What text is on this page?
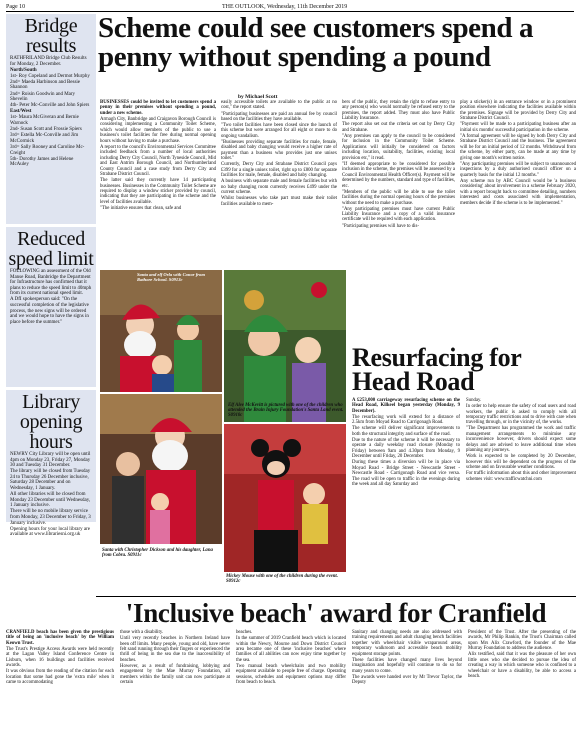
Page 10	THE OUTLOOK, Wednesday, 11th December 2019
Bridge results

RATHFRILAND Bridge Club Results for Monday, 2 December.

North/South

1st- Roy Copeland and Dermot Murphy

2nd= Maeda Harbinson and Bessie Shannon

2nd= Roisin Goodwin and Mary Shevelin

4th- Peter Mc-Conville and John Spiers

East/West

1st- Maura McGiveran and Bernie Warnock

2nd- Susan Scott and Frossie Spiers

3rd= Estella Mc-Conville and Jim McCormick

3rd= Sally Rooney and Caroline Mc-Creight

5th- Dorothy James and Helene McAuley

Reduced speed limit

FOLLOWING an assessment of the Old Manse Road, Banbridge the Department for Infrastructure has confirmed that it plans to reduce the speed limit to 40mph from its current national speed limit.

A DfI spokesperson said: "On the successful completion of the legislative process, the new signs will be ordered and we would hope to have the signs in place before the summer."

Library opening hours

NEWRY City Library will be open until 4pm on Monday 23, Friday 27, Monday 30 and Tuesday 31 December.

The library will be closed from Tuesday 24 to Thursday 26 December inclusive, Saturday 28 December and on Wednesday, 1 January.

All other libraries will be closed from Monday 23 December until Wednesday, 1 January inclusive.

There will be no mobile library service from Monday, 23 December to Friday, 3 January inclusive.

Opening hours for your local library are available at www.librariesni.org.uk

Scheme could see customers spend a penny without spending a pound
by Michael Scott

BUSINESSES could be invited to let customers spend a penny in their premises without spending a pound, under a new scheme.

Armagh City, Banbridge and Craigavon Borough Council is considering implementing a Community Toilet Scheme, which would allow members of the public to use a business's toilet facilities for free during normal opening hours without having to make a purchase.

A report to the council's Environmental Services Committee included feedback from a number of local authorities including Derry City Council, North Tyneside Council, Mid and East Antrim Borough Council, and Northumberland County Council and a case study from Derry City and Strabane District Council.

The latter said they currently have 14 participating businesses. Businesses in the Community Toilet Scheme are required to display a window sticker provided by council, indicating that they are participating in the scheme and the level of facilities available.

"The initiative ensures that clean, safe and

easily accessible toilets are available to the public at no cost," the report stated.

"Participating businesses are paid an annual fee by council based on the facilities they have available.

"Two toilet facilities have been closed since the launch of this scheme but were arranged for all eight or more to do ongoing vandalism.

"Businesses providing separate facilities for male, female, disabled and baby changing would receive a higher rate of payment than a business who provides just one unisex toilet."

Currently, Derry City and Strabane District Council pays £399 for a single unisex toilet, right up to £800 for separate facilities for male, female, disabled and baby changing.

A business with separate male and female facilities but with no baby changing room currently receives £499 under the current scheme.

Whilst businesses who take part must make their toilet facilities available to mem-

bers of the public, they retain the right to refuse entry to any person(s) who would normally be refused entry to the premises, the report added. They must also have Public Liability Insurance.

The report also set out the criteria set out by Derry City and Strabane.

"Any premises can apply to the council to be considered for inclusion in the Community Toilet Scheme. Applications will initially be considered on factors including location, suitability, facilities, existing local provision etc," it read.

"If deemed appropriate to be considered for possible inclusion in the scheme, the premises will be assessed by a Council Environmental Health Officer(s). Payment will be determined by the numbers, standard and type of facilities, etc.

"Members of the public will be able to use the toilet facilities during the normal opening hours of the premises without the need to make a purchase.

"Any participating premises must have current Public Liability Insurance and a copy of a valid insurance certificate will be required with each application.

"Participating premises will have to dis-

play a sticker(s) in an entrance window or in a prominent position elsewhere indicating the facilities available within the premises. Signage will be provided by Derry City and Strabane District Council.

"Payment will be made to a participating business after an initial six months' successful participation in the scheme.

"A formal agreement will be signed by both Derry City and Strabane District Council and the business. The agreement will be for an initial period of 12 months. Withdrawal from the scheme, by either party, can be made at any time by giving one month's written notice.

"Any participating premises will be subject to unannounced inspections by a duly authorised council officer on a quarterly basis for the initial 12 months."

Any scheme run by ABC Council would be 'a business considering' about involvement in a scheme February 2020, with a report brought back to committee detailing, numbers interested and costs associated with implementation, members decide if the scheme is to be implemented."

Santa and elf Orla with Conor from Rathore School. S0913c
Elf Alee McKevitt is pictured with one of the children who attended the Brain Injury Foundation's Santa Land event. S0910c
Santa with Christopher Dickson and his daughter, Lana from Cobra. S0911c
Mickey Mouse with one of the children during the event. S0912c
Resurfacing for Head Road

A £253,000 carriageway resurfacing scheme on the Head Road, Kilkeel began yesterday (Monday, 9 December).

The resurfacing work will extend for a distance of 2.5km from Moyad Road to Carrigonagh Road.

The scheme will deliver significant improvements to both the structural integrity and surface of the road.

Due to the nature of the scheme it will be necessary to operate a daily weekday road closure (Monday to Friday) between 9am and 4.30pm from Monday, 9 December until Friday, 20 December.

During these times a diversion will be in place via Moyad Road - Bridge Street - Newcastle Street - Newcastle Road - Carrigonagh Road and vice versa. The road will be open to traffic in the evenings during the week and all day Saturday and

Sunday.

In order to help ensure the safety of road users and road workers, the public is asked to comply with all temporary traffic restrictions and to drive with care when travelling through, or in the vicinity of, the works.

"The Department has programmed the work and traffic management arrangements to minimise any inconvenience however, drivers should expect some delays and are advised to leave additional time when planning any journeys.

Work is expected to be completed by 20 December, however this will be dependent on the progress of the scheme and on favourable weather conditions.

For traffic information about this and other improvement schemes visit: www.trafficwatchni.com

'Inclusive beach' award for Cranfield

CRANFIELD beach has been given the prestigious title of being an 'inclusive beach' by the William Keown Trust.

The Trust's Prestige Access Awards were held recently at the Lagan Valley Island Conference Centre in Lisburn, when 16 buildings and facilities received awards.

It was obvious from the reading of the citation for each location that some had gone the 'extra mile' when it came to accommodating

those with a disability.

Until very recently beaches in Northern Ireland have been off limits. Many people, young and old, have never felt sand running through their fingers or experienced the thrill of being in the sea due to the inaccessibility of beaches.

However, as a result of fundraising, lobbying and engagement by the Mae Murray Foundation, all members within the family unit can now participate at certain

beaches.

In the summer of 2019 Cranfield beach which is located within the Newry, Mourne and Down District Council area became one of these 'inclusive beaches' where families of all abilities can now enjoy time together by the sea.

Two manual beach wheelchairs and two mobility equipment available to people free of charge. Operating sessions, schedules and equipment options may differ from beach to beach.

Sanitary and changing needs are also addressed with training requirements and adult changing bench facilities together with wheelchair visible wraparound areas, temporary walkroom and accessible beach mobility equipment storage points.

These facilities have changed many lives beyond imagination and hopefully will continue to do so for many years to come.

The awards were handed over by Mr Trevor Taylor, the Deputy

President of the Trust. After the presenting of the awards, Mr Philip Rankin, the Trust's Chairman called upon Mrs Alix Crawford, the founder of the Mae Murray Foundation to address the audience.

Alix testified, said that it was the pleasure of her own little ones who she decided to pursue the idea of creating a way in which someone who is confined to a wheelchair or have a disability, be able to access a beach.
